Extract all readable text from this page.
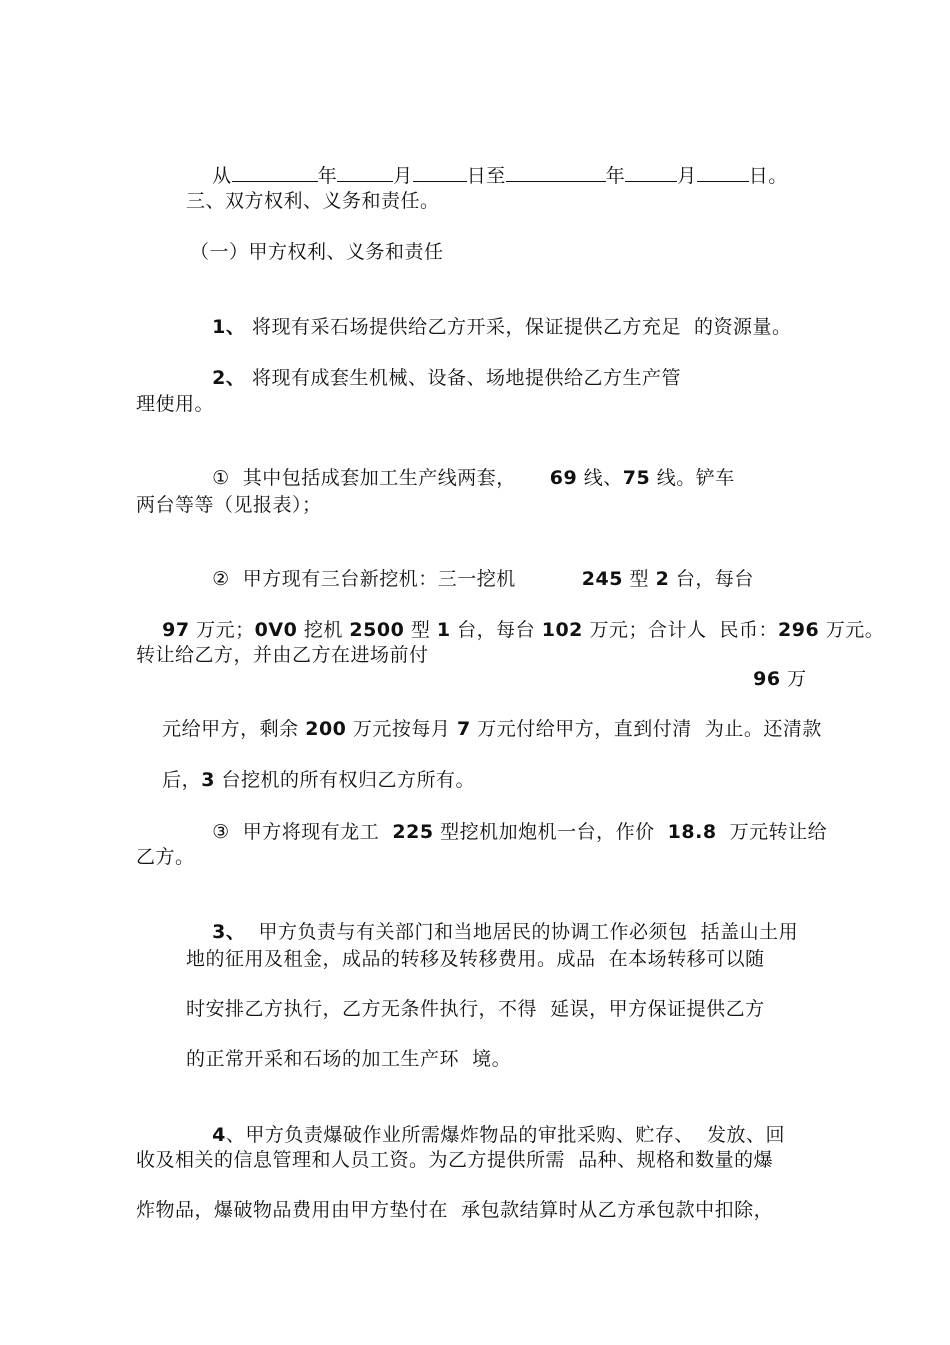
从	年	月	日至	年	月	日。

三、双方权利、义务和责任。
（一）甲方权利、义务和责任

1、 将现有采石场提供给乙方开采，保证提供乙方充足  的资源量。

2、 将现有成套生机械、设备、场地提供给乙方生产管

理使用。

①  其中包括成套加工生产线两套， 69 线、75 线。铲车

两台等等（见报表）；

②  甲方现有三台新挖机：三一挖机	245 型 2 台，每台

97 万元；0V0 挖机 2500 型 1 台，每台 102 万元；合计人  民币：296 万元。

转让给乙方，并由乙方在进场前付

96 万

元给甲方，剩余 200 万元按每月 7 万元付给甲方，直到付清  为止。还清款

后，3 台挖机的所有权归乙方所有。

③  甲方将现有龙工  225 型挖机加炮机一台，作价  18.8  万元转让给

乙方。

3、  甲方负责与有关部门和当地居民的协调工作必须包  括盖山土用

地的征用及租金，成品的转移及转移费用。成品  在本场转移可以随
时安排乙方执行，乙方无条件执行，不得  延误，甲方保证提供乙方
的正常开采和石场的加工生产环  境。

4、甲方负责爆破作业所需爆炸物品的审批采购、贮存、  发放、回

收及相关的信息管理和人员工资。为乙方提供所需  品种、规格和数量的爆
炸物品，爆破物品费用由甲方垫付在  承包款结算时从乙方承包款中扣除，
